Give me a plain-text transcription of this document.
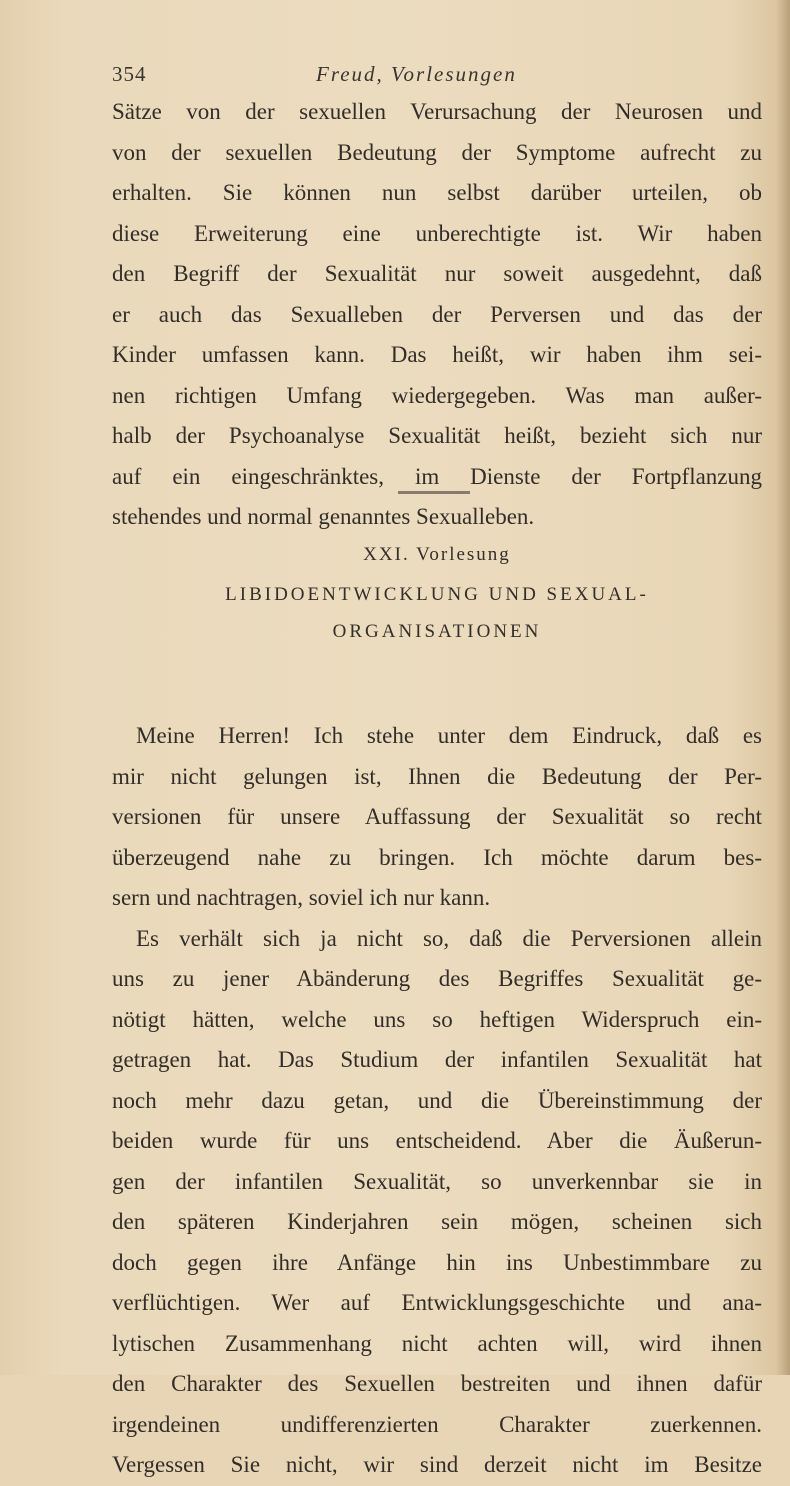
354	Freud, Vorlesungen
Sätze von der sexuellen Verursachung der Neurosen und
von der sexuellen Bedeutung der Symptome aufrecht zu
erhalten. Sie können nun selbst darüber urteilen, ob
diese Erweiterung eine unberechtigte ist. Wir haben
den Begriff der Sexualität nur soweit ausgedehnt, daß
er auch das Sexualleben der Perversen und das der
Kinder umfassen kann. Das heißt, wir haben ihm sei-
nen richtigen Umfang wiedergegeben. Was man außer-
halb der Psychoanalyse Sexualität heißt, bezieht sich nur
auf ein eingeschränktes, im Dienste der Fortpflanzung
stehendes und normal genanntes Sexualleben.
XXI. Vorlesung
LIBIDOENTWICKLUNG UND SEXUAL-
ORGANISATIONEN
Meine Herren! Ich stehe unter dem Eindruck, daß es
mir nicht gelungen ist, Ihnen die Bedeutung der Per-
versionen für unsere Auffassung der Sexualität so recht
überzeugend nahe zu bringen. Ich möchte darum bes-
sern und nachtragen, soviel ich nur kann.
Es verhält sich ja nicht so, daß die Perversionen allein
uns zu jener Abänderung des Begriffes Sexualität ge-
nötigt hätten, welche uns so heftigen Widerspruch ein-
getragen hat. Das Studium der infantilen Sexualität hat
noch mehr dazu getan, und die Übereinstimmung der
beiden wurde für uns entscheidend. Aber die Äußerun-
gen der infantilen Sexualität, so unverkennbar sie in
den späteren Kinderjahren sein mögen, scheinen sich
doch gegen ihre Anfänge hin ins Unbestimmbare zu
verflüchtigen. Wer auf Entwicklungsgeschichte und ana-
lytischen Zusammenhang nicht achten will, wird ihnen
den Charakter des Sexuellen bestreiten und ihnen dafür
irgendeinen undifferenzierten Charakter zuerkennen.
Vergessen Sie nicht, wir sind derzeit nicht im Besitze
